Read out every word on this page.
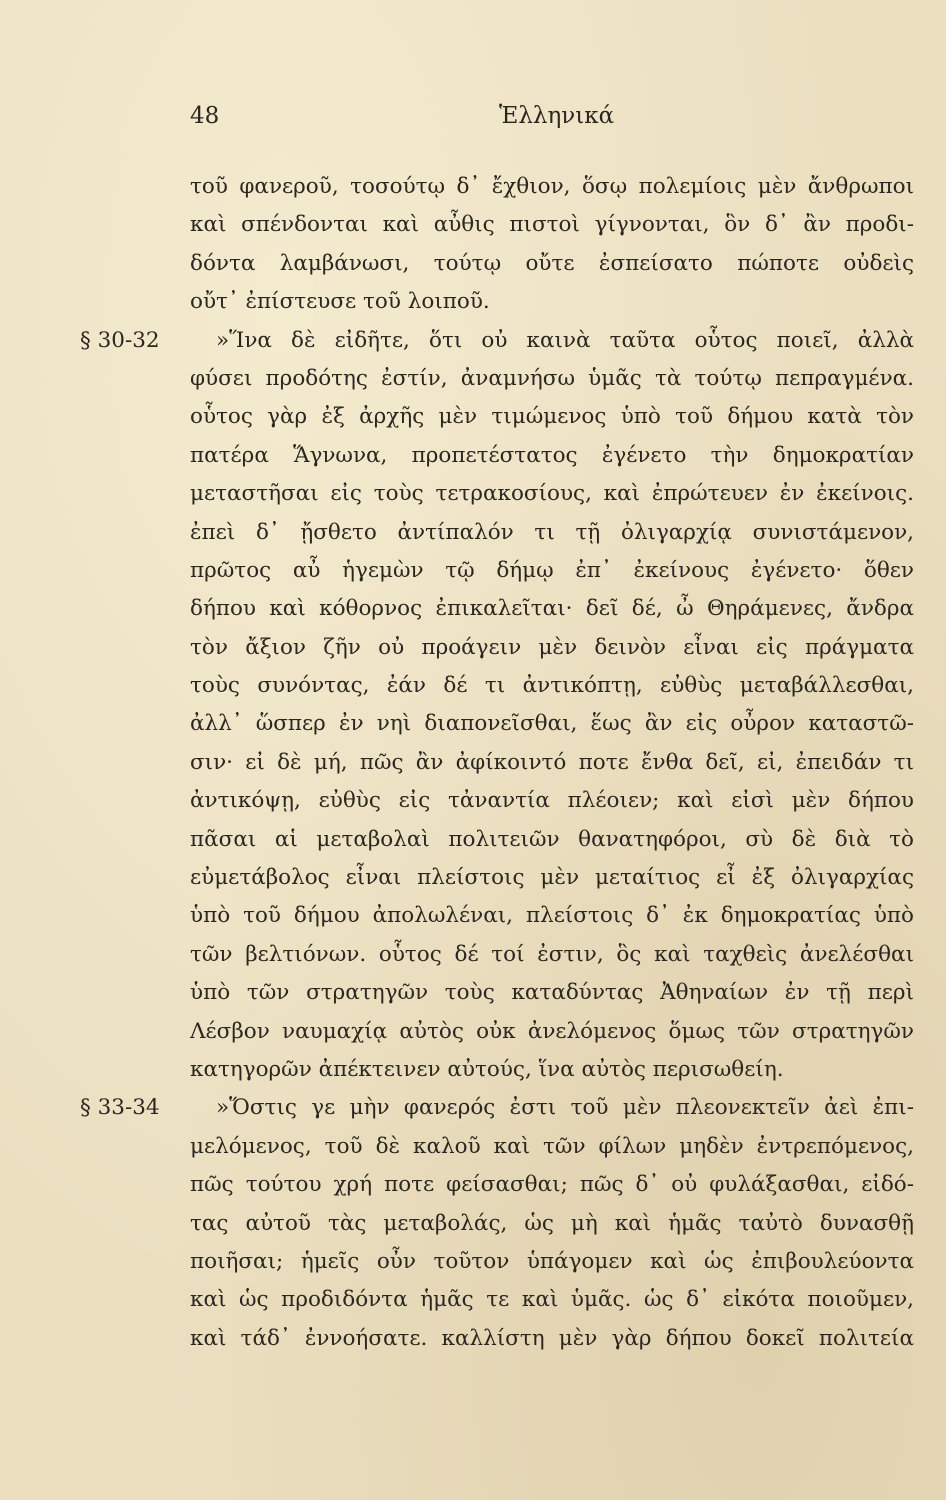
48	Ἑλληνικά
τοῦ φανεροῦ, τοσούτῳ δ᾽ ἔχθιον, ὅσῳ πολεμίοις μὲν ἄνθρωποι
καὶ σπένδονται καὶ αὖθις πιστοὶ γίγνονται, ὃν δ᾽ ἂν προδι-
δόντα λαμβάνωσι, τούτῳ οὔτε ἐσπείσατο πώποτε οὐδεὶς
οὔτ᾽ ἐπίστευσε τοῦ λοιποῦ.
§ 30-32	»Ἵνα δὲ εἰδῆτε, ὅτι οὐ καινὰ ταῦτα οὗτος ποιεῖ, ἀλλὰ
φύσει προδότης ἐστίν, ἀναμνήσω ὑμᾶς τὰ τούτῳ πεπραγμένα.
οὗτος γὰρ ἐξ ἀρχῆς μὲν τιμώμενος ὑπὸ τοῦ δήμου κατὰ τὸν
πατέρα Ἅγνωνα, προπετέστατος ἐγένετο τὴν δημοκρατίαν
μεταστῆσαι εἰς τοὺς τετρακοσίους, καὶ ἐπρώτευεν ἐν ἐκείνοις.
ἐπεὶ δ᾽ ᾔσθετο ἀντίπαλόν τι τῇ ὀλιγαρχίᾳ συνιστάμενον,
πρῶτος αὖ ἡγεμὼν τῷ δήμῳ ἐπ᾽ ἐκείνους ἐγένετο· ὅθεν
δήπου καὶ κόθορνος ἐπικαλεῖται· δεῖ δέ, ὦ Θηράμενες, ἄνδρα
τὸν ἄξιον ζῆν οὐ προάγειν μὲν δεινὸν εἶναι εἰς πράγματα
τοὺς συνόντας, ἐάν δέ τι ἀντικόπτῃ, εὐθὺς μεταβάλλεσθαι,
ἀλλ᾽ ὥσπερ ἐν νηὶ διαπονεῖσθαι, ἕως ἂν εἰς οὖρον καταστῶ-
σιν· εἰ δὲ μή, πῶς ἂν ἀφίκοιντό ποτε ἔνθα δεῖ, εἰ, ἐπειδάν τι
ἀντικόψῃ, εὐθὺς εἰς τἀναντία πλέοιεν; καὶ εἰσὶ μὲν δήπου
πᾶσαι αἱ μεταβολαὶ πολιτειῶν θανατηφόροι, σὺ δὲ διὰ τὸ
εὐμετάβολος εἶναι πλείστοις μὲν μεταίτιος εἶ ἐξ ὀλιγαρχίας
ὑπὸ τοῦ δήμου ἀπολωλέναι, πλείστοις δ᾽ ἐκ δημοκρατίας ὑπὸ
τῶν βελτιόνων. οὗτος δέ τοί ἐστιν, ὃς καὶ ταχθεὶς ἀνελέσθαι
ὑπὸ τῶν στρατηγῶν τοὺς καταδύντας Ἀθηναίων ἐν τῇ περὶ
Λέσβον ναυμαχίᾳ αὐτὸς οὐκ ἀνελόμενος ὅμως τῶν στρατηγῶν
κατηγορῶν ἀπέκτεινεν αὐτούς, ἵνα αὐτὸς περισωθείη.
§ 33-34	»Ὅστις γε μὴν φανερός ἐστι τοῦ μὲν πλεονεκτεῖν ἀεὶ ἐπι-
μελόμενος, τοῦ δὲ καλοῦ καὶ τῶν φίλων μηδὲν ἐντρεπόμενος,
πῶς τούτου χρή ποτε φείσασθαι; πῶς δ᾽ οὐ φυλάξασθαι, εἰδό-
τας αὐτοῦ τὰς μεταβολάς, ὡς μὴ καὶ ἡμᾶς ταὐτὸ δυνασθῇ
ποιῆσαι; ἡμεῖς οὖν τοῦτον ὑπάγομεν καὶ ὡς ἐπιβουλεύοντα
καὶ ὡς προδιδόντα ἡμᾶς τε καὶ ὑμᾶς. ὡς δ᾽ εἰκότα ποιοῦμεν,
καὶ τάδ᾽ ἐννοήσατε. καλλίστη μὲν γὰρ δήπου δοκεῖ πολιτεία
